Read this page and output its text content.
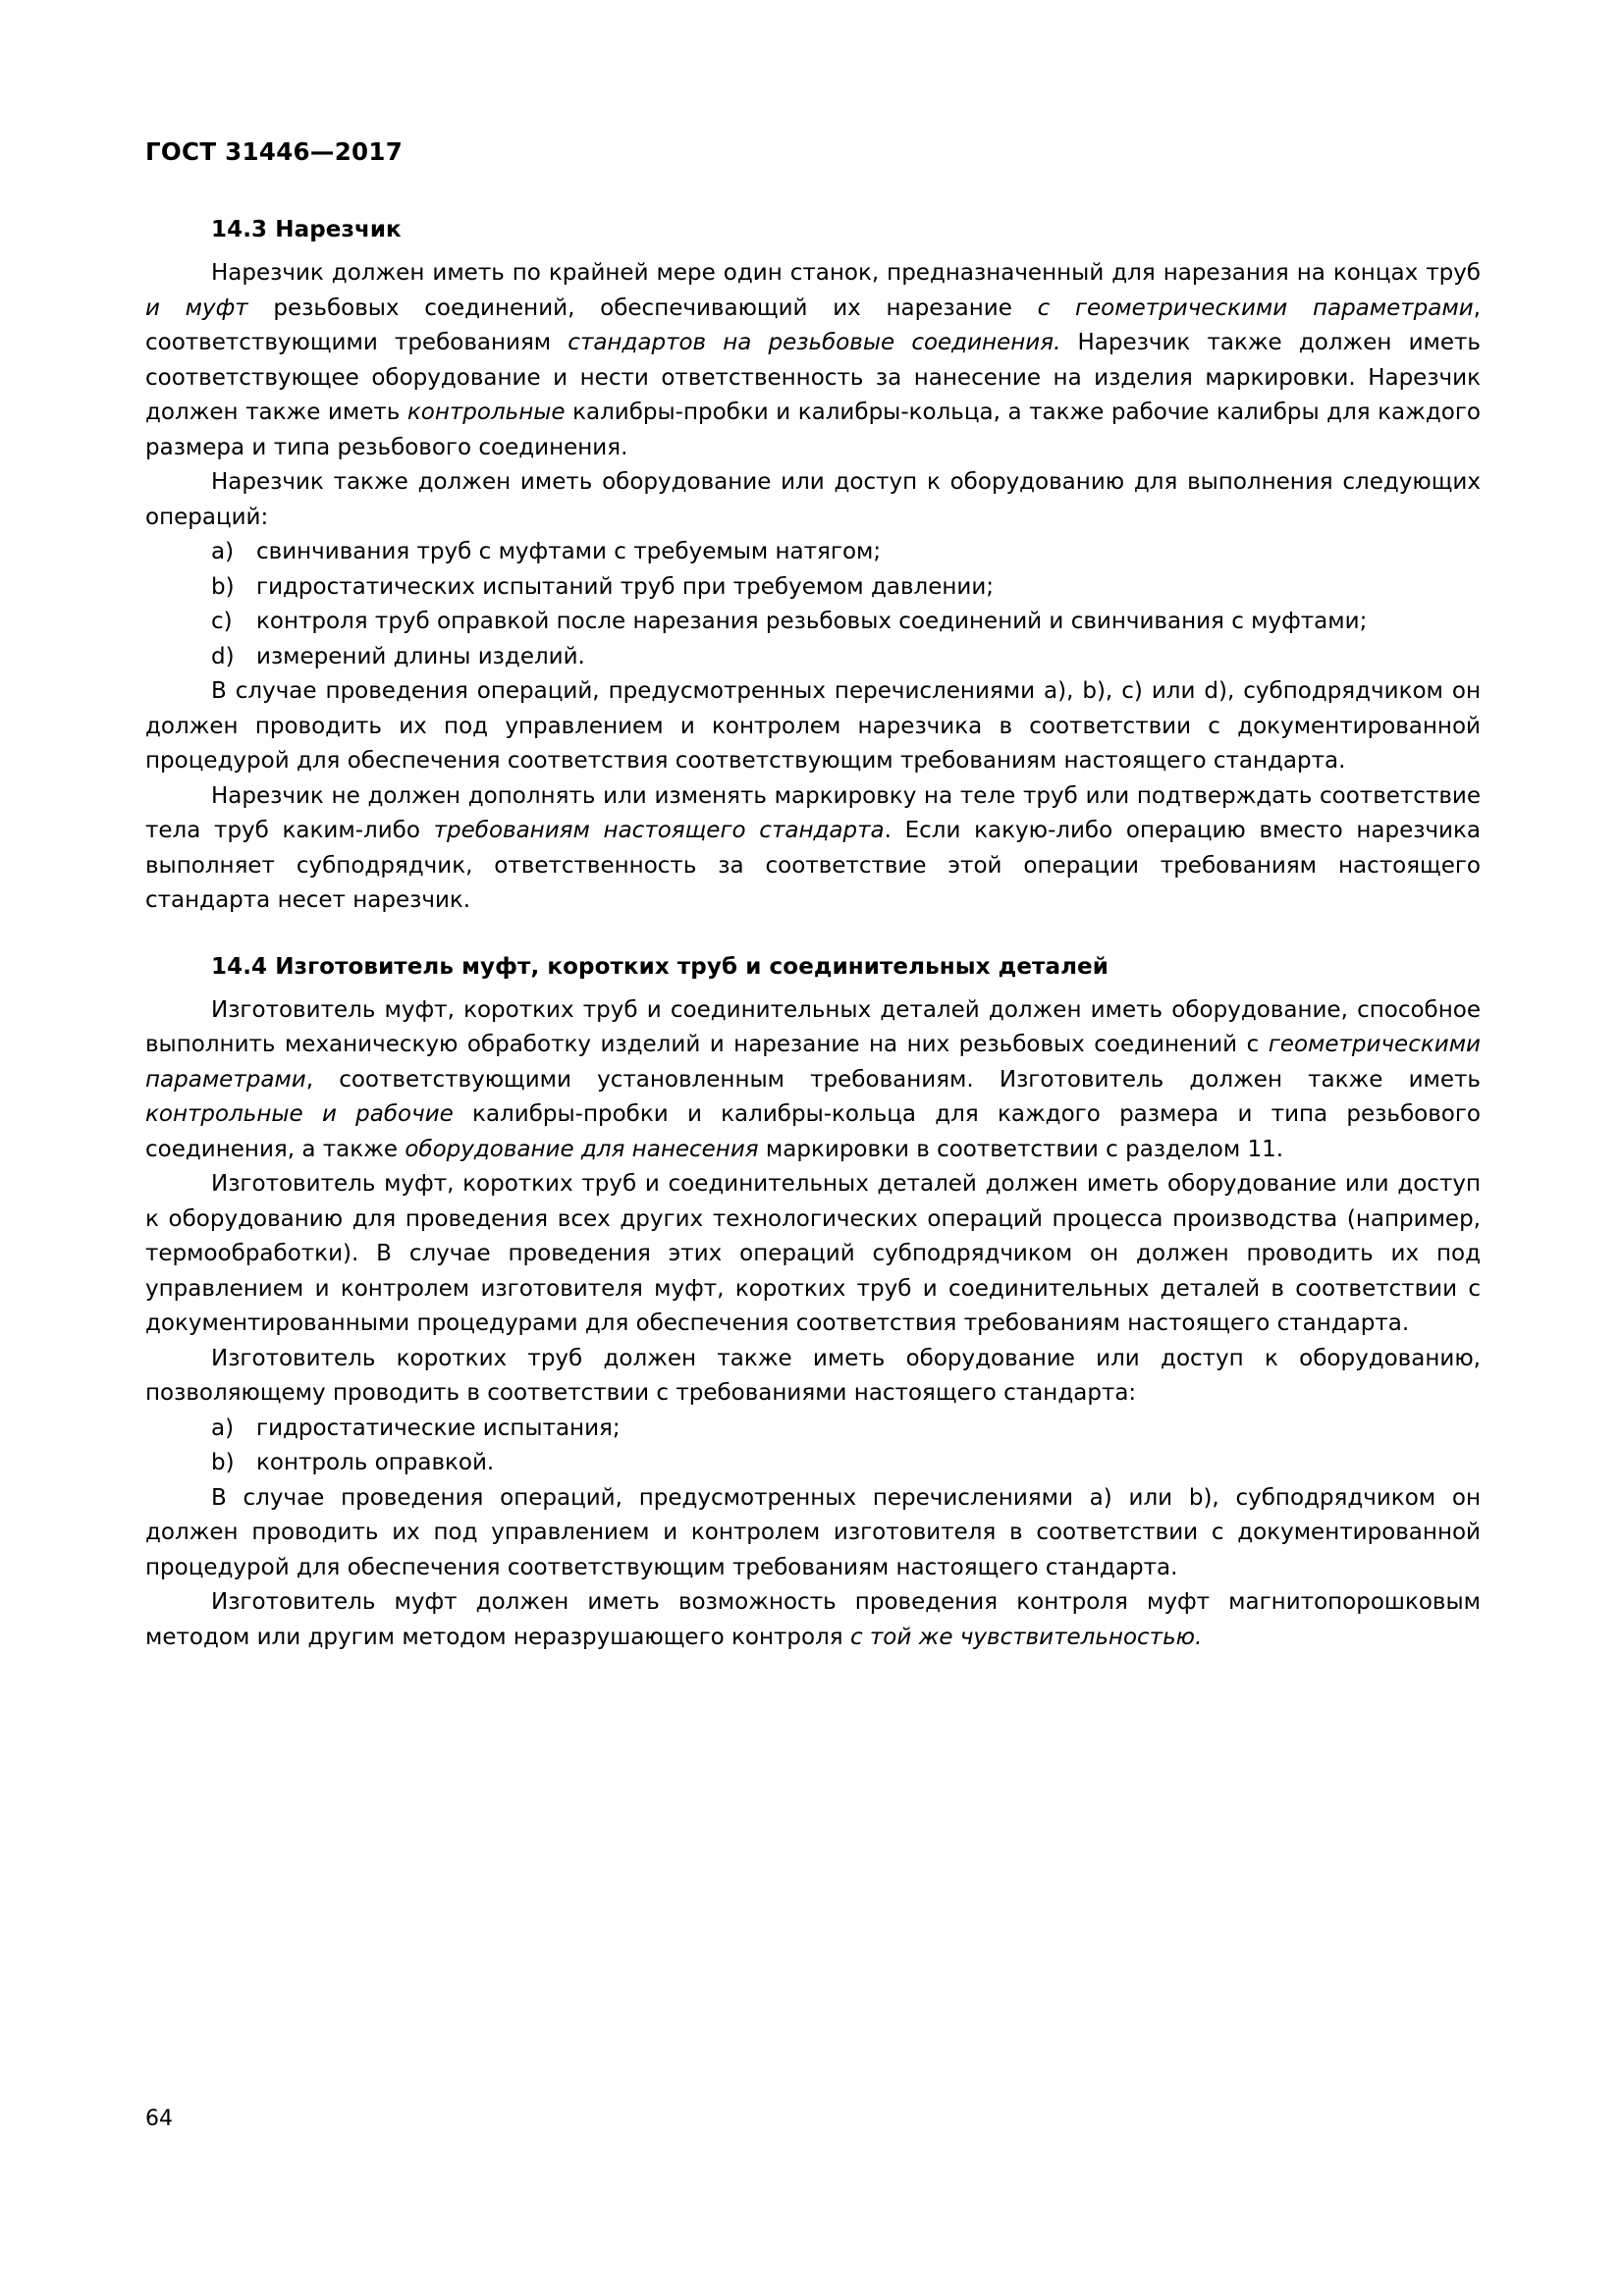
ГОСТ 31446—2017
14.3 Нарезчик

Нарезчик должен иметь по крайней мере один станок, предназначенный для нарезания на концах труб и муфт резьбовых соединений, обеспечивающий их нарезание с геометрическими параметрами, соответствующими требованиям стандартов на резьбовые соединения. Нарезчик также должен иметь соответствующее оборудование и нести ответственность за нанесение на изделия маркировки. Нарезчик должен также иметь контрольные калибры-пробки и калибры-кольца, а также рабочие калибры для каждого размера и типа резьбового соединения.

Нарезчик также должен иметь оборудование или доступ к оборудованию для выполнения следующих операций:

a) свинчивания труб с муфтами с требуемым натягом;
b) гидростатических испытаний труб при требуемом давлении;
c) контроля труб оправкой после нарезания резьбовых соединений и свинчивания с муфтами;
d) измерений длины изделий.

В случае проведения операций, предусмотренных перечислениями a), b), c) или d), субподрядчиком он должен проводить их под управлением и контролем нарезчика в соответствии с документированной процедурой для обеспечения соответствия соответствующим требованиям настоящего стандарта.

Нарезчик не должен дополнять или изменять маркировку на теле труб или подтверждать соответствие тела труб каким-либо требованиям настоящего стандарта. Если какую-либо операцию вместо нарезчика выполняет субподрядчик, ответственность за соответствие этой операции требованиям настоящего стандарта несет нарезчик.

14.4 Изготовитель муфт, коротких труб и соединительных деталей

Изготовитель муфт, коротких труб и соединительных деталей должен иметь оборудование, способное выполнить механическую обработку изделий и нарезание на них резьбовых соединений с геометрическими параметрами, соответствующими установленным требованиям. Изготовитель должен также иметь контрольные и рабочие калибры-пробки и калибры-кольца для каждого размера и типа резьбового соединения, а также оборудование для нанесения маркировки в соответствии с разделом 11.

Изготовитель муфт, коротких труб и соединительных деталей должен иметь оборудование или доступ к оборудованию для проведения всех других технологических операций процесса производства (например, термообработки). В случае проведения этих операций субподрядчиком он должен проводить их под управлением и контролем изготовителя муфт, коротких труб и соединительных деталей в соответствии с документированными процедурами для обеспечения соответствия требованиям настоящего стандарта.

Изготовитель коротких труб должен также иметь оборудование или доступ к оборудованию, позволяющему проводить в соответствии с требованиями настоящего стандарта:

a) гидростатические испытания;
b) контроль оправкой.

В случае проведения операций, предусмотренных перечислениями a) или b), субподрядчиком он должен проводить их под управлением и контролем изготовителя в соответствии с документированной процедурой для обеспечения соответствующим требованиям настоящего стандарта.

Изготовитель муфт должен иметь возможность проведения контроля муфт магнитопорошковым методом или другим методом неразрушающего контроля с той же чувствительностью.

64
